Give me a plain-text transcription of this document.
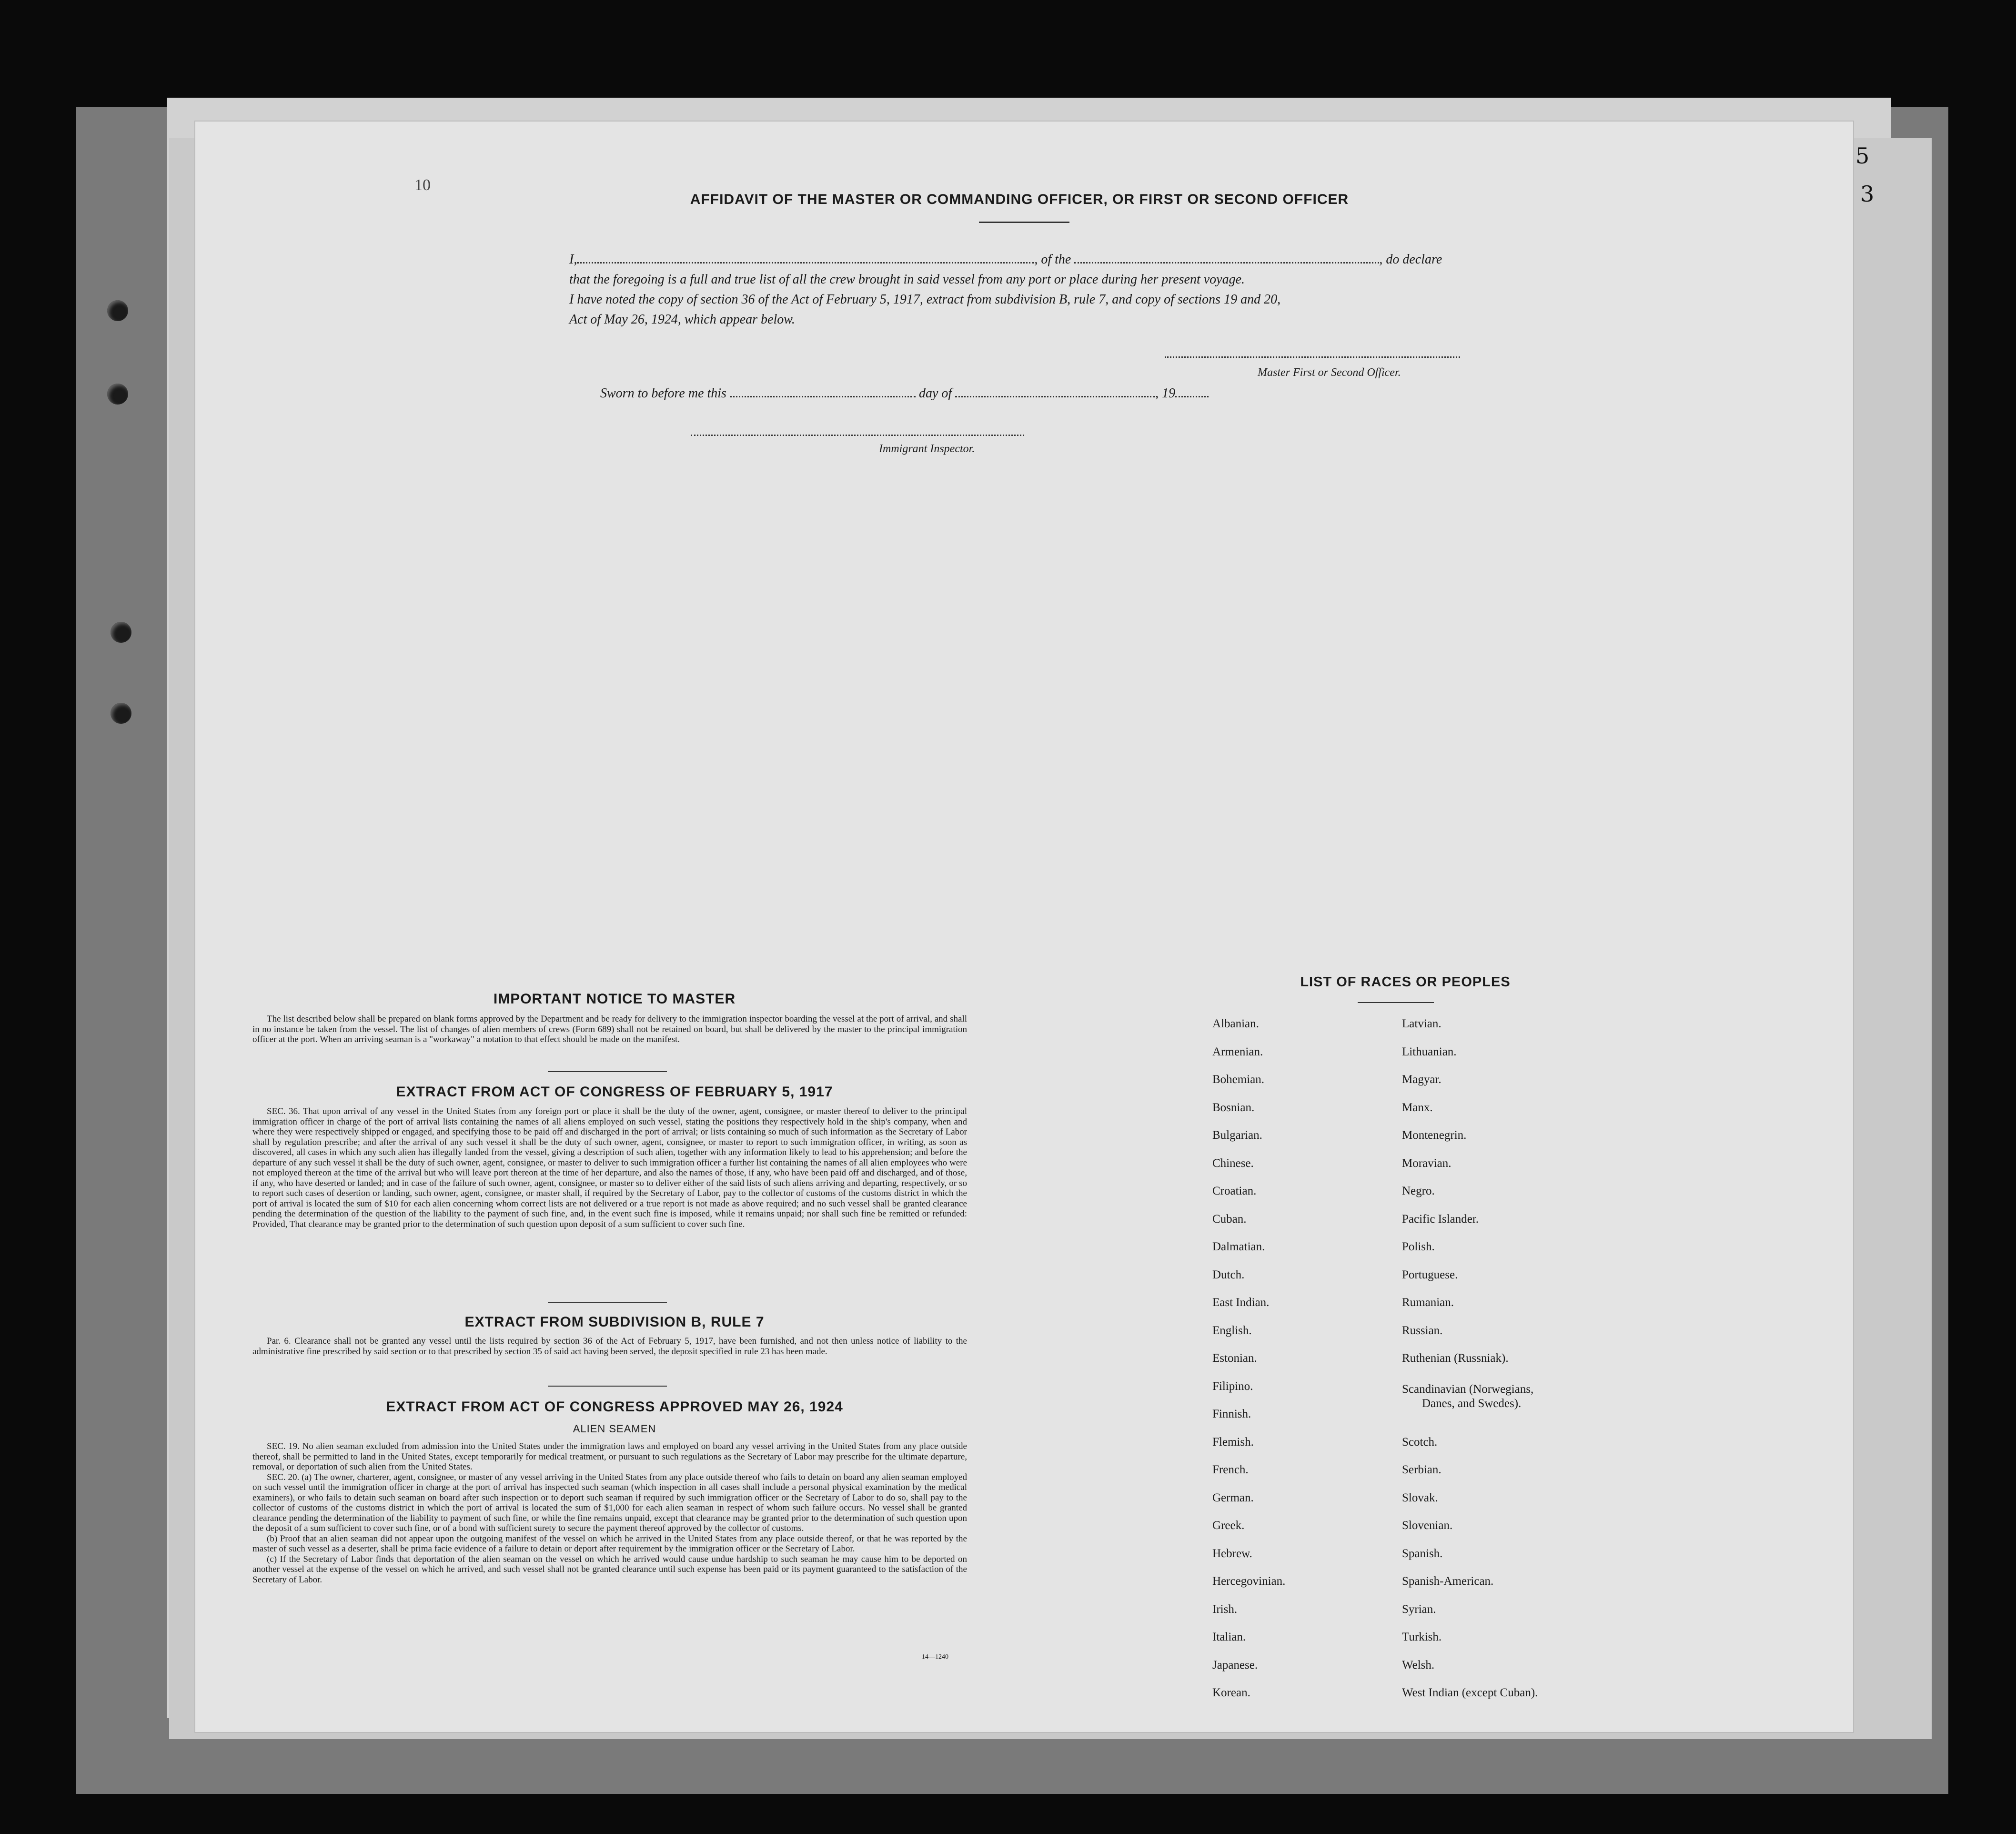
5
3
10
AFFIDAVIT OF THE MASTER OR COMMANDING OFFICER, OR FIRST OR SECOND OFFICER
I,	, of the	, do declare
that the foregoing is a full and true list of all the crew brought in said vessel from any port or place during her present voyage.
I have noted the copy of section 36 of the Act of February 5, 1917, extract from subdivision B, rule 7, and copy of sections 19 and 20,
Act of May 26, 1924, which appear below.
Master First or Second Officer.
Sworn to before me this	day of	, 19
Immigrant Inspector.
IMPORTANT NOTICE TO MASTER

The list described below shall be prepared on blank forms approved by the Department and be ready for delivery to the immigration inspector boarding the vessel at the port of arrival, and shall in no instance be taken from the vessel. The list of changes of alien members of crews (Form 689) shall not be retained on board, but shall be delivered by the master to the principal immigration officer at the port. When an arriving seaman is a "workaway" a notation to that effect should be made on the manifest.

EXTRACT FROM ACT OF CONGRESS OF FEBRUARY 5, 1917

SEC. 36. That upon arrival of any vessel in the United States from any foreign port or place it shall be the duty of the owner, agent, consignee, or master thereof to deliver to the principal immigration officer in charge of the port of arrival lists containing the names of all aliens employed on such vessel, stating the positions they respectively hold in the ship's company, when and where they were respectively shipped or engaged, and specifying those to be paid off and discharged in the port of arrival; or lists containing so much of such information as the Secretary of Labor shall by regulation prescribe; and after the arrival of any such vessel it shall be the duty of such owner, agent, consignee, or master to report to such immigration officer, in writing, as soon as discovered, all cases in which any such alien has illegally landed from the vessel, giving a description of such alien, together with any information likely to lead to his apprehension; and before the departure of any such vessel it shall be the duty of such owner, agent, consignee, or master to deliver to such immigration officer a further list containing the names of all alien employees who were not employed thereon at the time of the arrival but who will leave port thereon at the time of her departure, and also the names of those, if any, who have been paid off and discharged, and of those, if any, who have deserted or landed; and in case of the failure of such owner, agent, consignee, or master so to deliver either of the said lists of such aliens arriving and departing, respectively, or so to report such cases of desertion or landing, such owner, agent, consignee, or master shall, if required by the Secretary of Labor, pay to the collector of customs of the customs district in which the port of arrival is located the sum of $10 for each alien concerning whom correct lists are not delivered or a true report is not made as above required; and no such vessel shall be granted clearance pending the determination of the question of the liability to the payment of such fine, and, in the event such fine is imposed, while it remains unpaid; nor shall such fine be remitted or refunded: Provided, That clearance may be granted prior to the determination of such question upon deposit of a sum sufficient to cover such fine.

EXTRACT FROM SUBDIVISION B, RULE 7

Par. 6. Clearance shall not be granted any vessel until the lists required by section 36 of the Act of February 5, 1917, have been furnished, and not then unless notice of liability to the administrative fine prescribed by said section or to that prescribed by section 35 of said act having been served, the deposit specified in rule 23 has been made.

EXTRACT FROM ACT OF CONGRESS APPROVED MAY 26, 1924
ALIEN SEAMEN

SEC. 19. No alien seaman excluded from admission into the United States under the immigration laws and employed on board any vessel arriving in the United States from any place outside thereof, shall be permitted to land in the United States, except temporarily for medical treatment, or pursuant to such regulations as the Secretary of Labor may prescribe for the ultimate departure, removal, or deportation of such alien from the United States.

SEC. 20. (a) The owner, charterer, agent, consignee, or master of any vessel arriving in the United States from any place outside thereof who fails to detain on board any alien seaman employed on such vessel until the immigration officer in charge at the port of arrival has inspected such seaman (which inspection in all cases shall include a personal physical examination by the medical examiners), or who fails to detain such seaman on board after such inspection or to deport such seaman if required by such immigration officer or the Secretary of Labor to do so, shall pay to the collector of customs of the customs district in which the port of arrival is located the sum of $1,000 for each alien seaman in respect of whom such failure occurs. No vessel shall be granted clearance pending the determination of the liability to payment of such fine, or while the fine remains unpaid, except that clearance may be granted prior to the determination of such question upon the deposit of a sum sufficient to cover such fine, or of a bond with sufficient surety to secure the payment thereof approved by the collector of customs.

(b) Proof that an alien seaman did not appear upon the outgoing manifest of the vessel on which he arrived in the United States from any place outside thereof, or that he was reported by the master of such vessel as a deserter, shall be prima facie evidence of a failure to detain or deport after requirement by the immigration officer or the Secretary of Labor.

(c) If the Secretary of Labor finds that deportation of the alien seaman on the vessel on which he arrived would cause undue hardship to such seaman he may cause him to be deported on another vessel at the expense of the vessel on which he arrived, and such vessel shall not be granted clearance until such expense has been paid or its payment guaranteed to the satisfaction of the Secretary of Labor.

14—1240
LIST OF RACES OR PEOPLES
Albanian.
Armenian.
Bohemian.
Bosnian.
Bulgarian.
Chinese.
Croatian.
Cuban.
Dalmatian.
Dutch.
East Indian.
English.
Estonian.
Filipino.
Finnish.
Flemish.
French.
German.
Greek.
Hebrew.
Hercegovinian.
Irish.
Italian.
Japanese.
Korean.
Latvian.
Lithuanian.
Magyar.
Manx.
Montenegrin.
Moravian.
Negro.
Pacific Islander.
Polish.
Portuguese.
Rumanian.
Russian.
Ruthenian (Russniak).
Scandinavian (Norwegians,
Danes, and Swedes).
Scotch.
Serbian.
Slovak.
Slovenian.
Spanish.
Spanish-American.
Syrian.
Turkish.
Welsh.
West Indian (except Cuban).
